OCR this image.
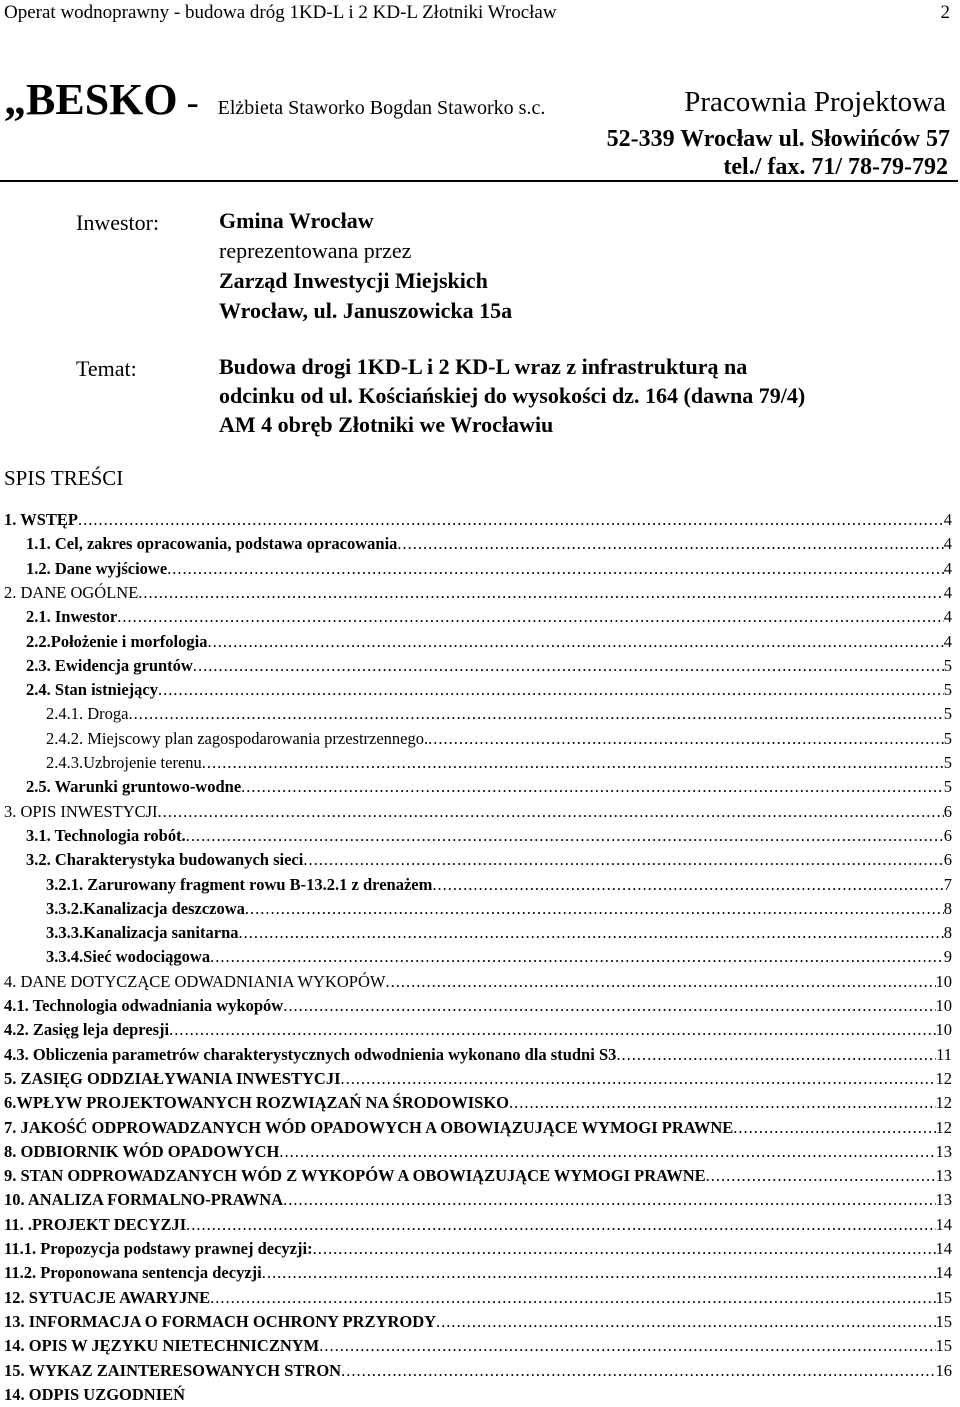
Operat wodnoprawny - budowa dróg 1KD-L i 2 KD-L Złotniki Wrocław	2
„BESKO - Elżbieta Staworko Bogdan Staworko s.c.	Pracownia Projektowa
52-339 Wrocław ul. Słowińców 57
tel./ fax. 71/ 78-79-792
Inwestor:	Gmina Wrocław
reprezentowana przez
Zarząd Inwestycji Miejskich
Wrocław, ul. Januszowicka 15a
Temat:	Budowa drogi 1KD-L i 2 KD-L wraz z infrastrukturą na
odcinku od ul. Kościańskiej do wysokości dz. 164 (dawna 79/4)
AM 4 obręb Złotniki we Wrocławiu
SPIS TREŚCI
1. WSTĘP .....	4
1.1. Cel, zakres opracowania, podstawa opracowania .....	4
1.2. Dane wyjściowe .....	4
2. DANE OGÓLNE .....	4
2.1. Inwestor .....	4
2.2.Położenie i morfologia .....	4
2.3. Ewidencja gruntów .....	5
2.4. Stan istniejący .....	5
2.4.1. Droga .....	5
2.4.2. Miejscowy plan zagospodarowania przestrzennego. .....	5
2.4.3.Uzbrojenie terenu .....	5
2.5. Warunki gruntowo-wodne .....	5
3. OPIS INWESTYCJI .....	6
3.1. Technologia robót. .....	6
3.2. Charakterystyka budowanych sieci .....	6
3.2.1. Zarurowany fragment rowu B-13.2.1 z drenażem .....	7
3.3.2.Kanalizacja deszczowa .....	8
3.3.3.Kanalizacja sanitarna .....	8
3.3.4.Sieć wodociągowa .....	9
4. DANE DOTYCZĄCE ODWADNIANIA WYKOPÓW .....	10
4.1. Technologia odwadniania wykopów .....	10
4.2. Zasięg leja depresji .....	10
4.3. Obliczenia parametrów charakterystycznych odwodnienia wykonano dla studni S3 .....	11
5. ZASIĘG ODDZIAŁYWANIA INWESTYCJI .....	12
6.WPŁYW PROJEKTOWANYCH ROZWIĄZAŃ NA ŚRODOWISKO .....	12
7. JAKOŚĆ ODPROWADZANYCH WÓD OPADOWYCH A OBOWIĄZUJĄCE WYMOGI PRAWNE .....	12
8. ODBIORNIK WÓD OPADOWYCH .....	13
9. STAN ODPROWADZANYCH WÓD Z WYKOPÓW A OBOWIĄZUJĄCE WYMOGI PRAWNE .....	13
10. ANALIZA FORMALNO-PRAWNA .....	13
11. .PROJEKT DECYZJI .....	14
11.1. Propozycja podstawy prawnej decyzji: .....	14
11.2. Proponowana sentencja decyzji .....	14
12. SYTUACJE AWARYJNE .....	15
13. INFORMACJA O FORMACH OCHRONY PRZYRODY .....	15
14. OPIS W JĘZYKU NIETECHNICZNYM .....	15
15. WYKAZ ZAINTERESOWANYCH STRON .....	16
14. ODPIS UZGODNIEŃ
